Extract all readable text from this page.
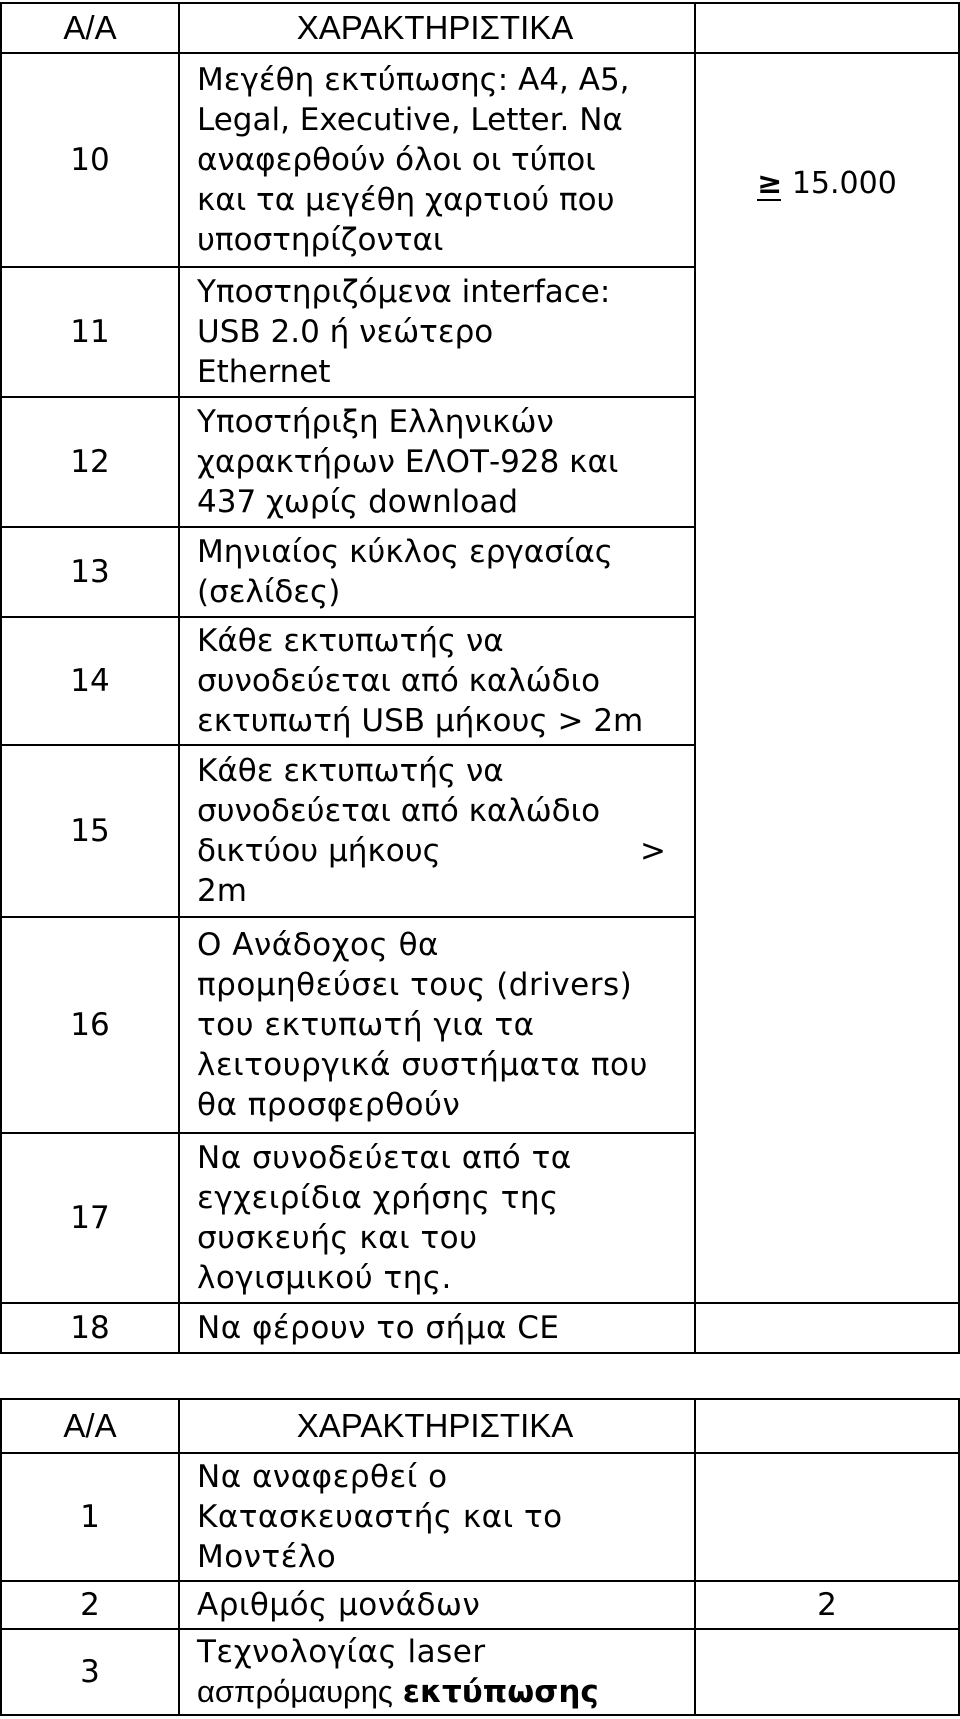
Α/Α	ΧΑΡΑΚΤΗΡΙΣΤΙΚΑ	
10	Μεγέθη εκτύπωσης: Α4, Α5,
Legal, Executive, Letter. Να
αναφερθούν όλοι οι τύποι
και τα μεγέθη χαρτιού που
υποστηρίζονται	≥ 15.000

11	Υποστηριζόμενα interface:
USB 2.0 ή νεώτερο
Ethernet	

12	Υποστήριξη Ελληνικών
χαρακτήρων ΕΛΟΤ-928 και
437 χωρίς download	

13	Μηνιαίος κύκλος εργασίας
(σελίδες)	

14	Κάθε εκτυπωτής να
συνοδεύεται από καλώδιο
εκτυπωτή USB μήκους > 2m	

15	Κάθε εκτυπωτής να
συνοδεύεται από καλώδιο
δικτύου μήκους >
2m	

16	Ο Ανάδοχος θα
προμηθεύσει τους (drivers)
του εκτυπωτή για τα
λειτουργικά συστήματα που
θα προσφερθούν	

17	Να συνοδεύεται από τα
εγχειρίδια χρήσης της
συσκευής και του
λογισμικού της.	

18	Να φέρουν το σήμα CE	

Α/Α	ΧΑΡΑΚΤΗΡΙΣΤΙΚΑ	
1	Να αναφερθεί ο
Κατασκευαστής και το
Μοντέλο	

2	Αριθμός μονάδων	2
3	Τεχνολογίας laser
ασπρόμαυρης εκτύπωσης	
